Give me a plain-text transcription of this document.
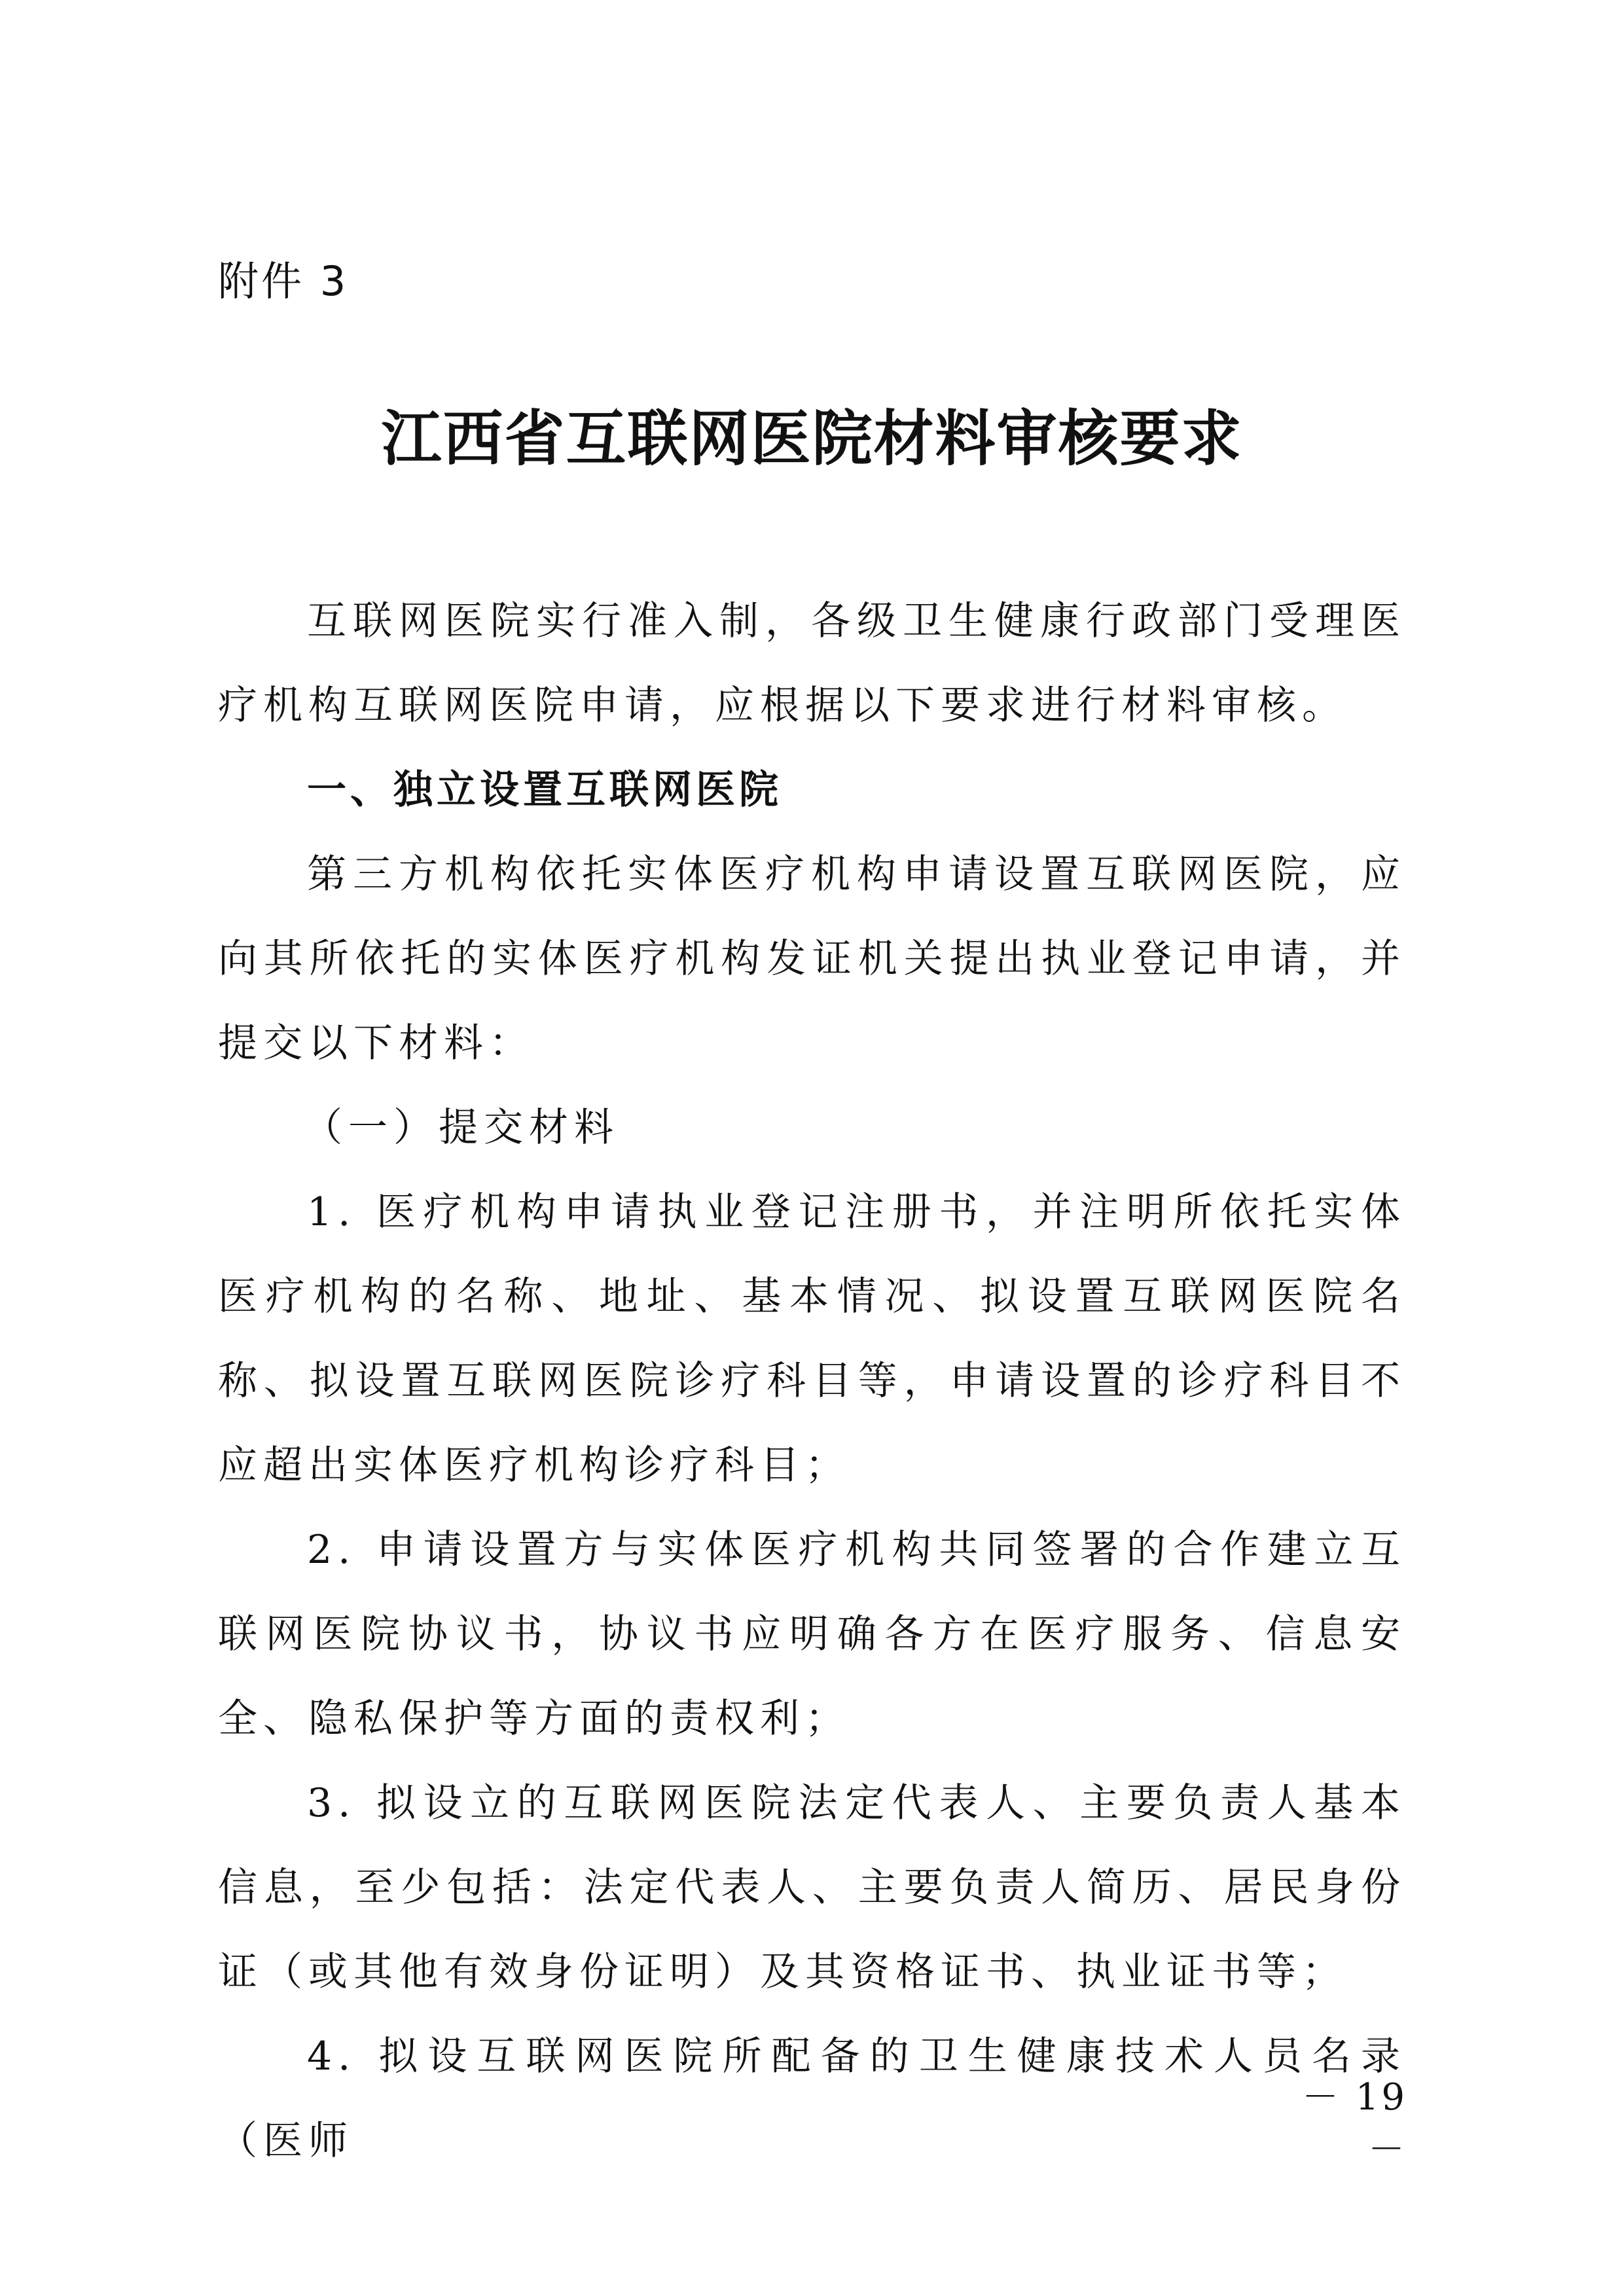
附件 3
江西省互联网医院材料审核要求

互联网医院实行准入制，各级卫生健康行政部门受理医疗机构互联网医院申请，应根据以下要求进行材料审核。

一、独立设置互联网医院

第三方机构依托实体医疗机构申请设置互联网医院，应向其所依托的实体医疗机构发证机关提出执业登记申请，并提交以下材料：

（一）提交材料

1. 医疗机构申请执业登记注册书，并注明所依托实体医疗机构的名称、地址、基本情况、拟设置互联网医院名称、拟设置互联网医院诊疗科目等，申请设置的诊疗科目不应超出实体医疗机构诊疗科目；

2. 申请设置方与实体医疗机构共同签署的合作建立互联网医院协议书，协议书应明确各方在医疗服务、信息安全、隐私保护等方面的责权利；

3. 拟设立的互联网医院法定代表人、主要负责人基本信息，至少包括：法定代表人、主要负责人简历、居民身份证（或其他有效身份证明）及其资格证书、执业证书等；

4. 拟设互联网医院所配备的卫生健康技术人员名录（医师

－ 19 －
